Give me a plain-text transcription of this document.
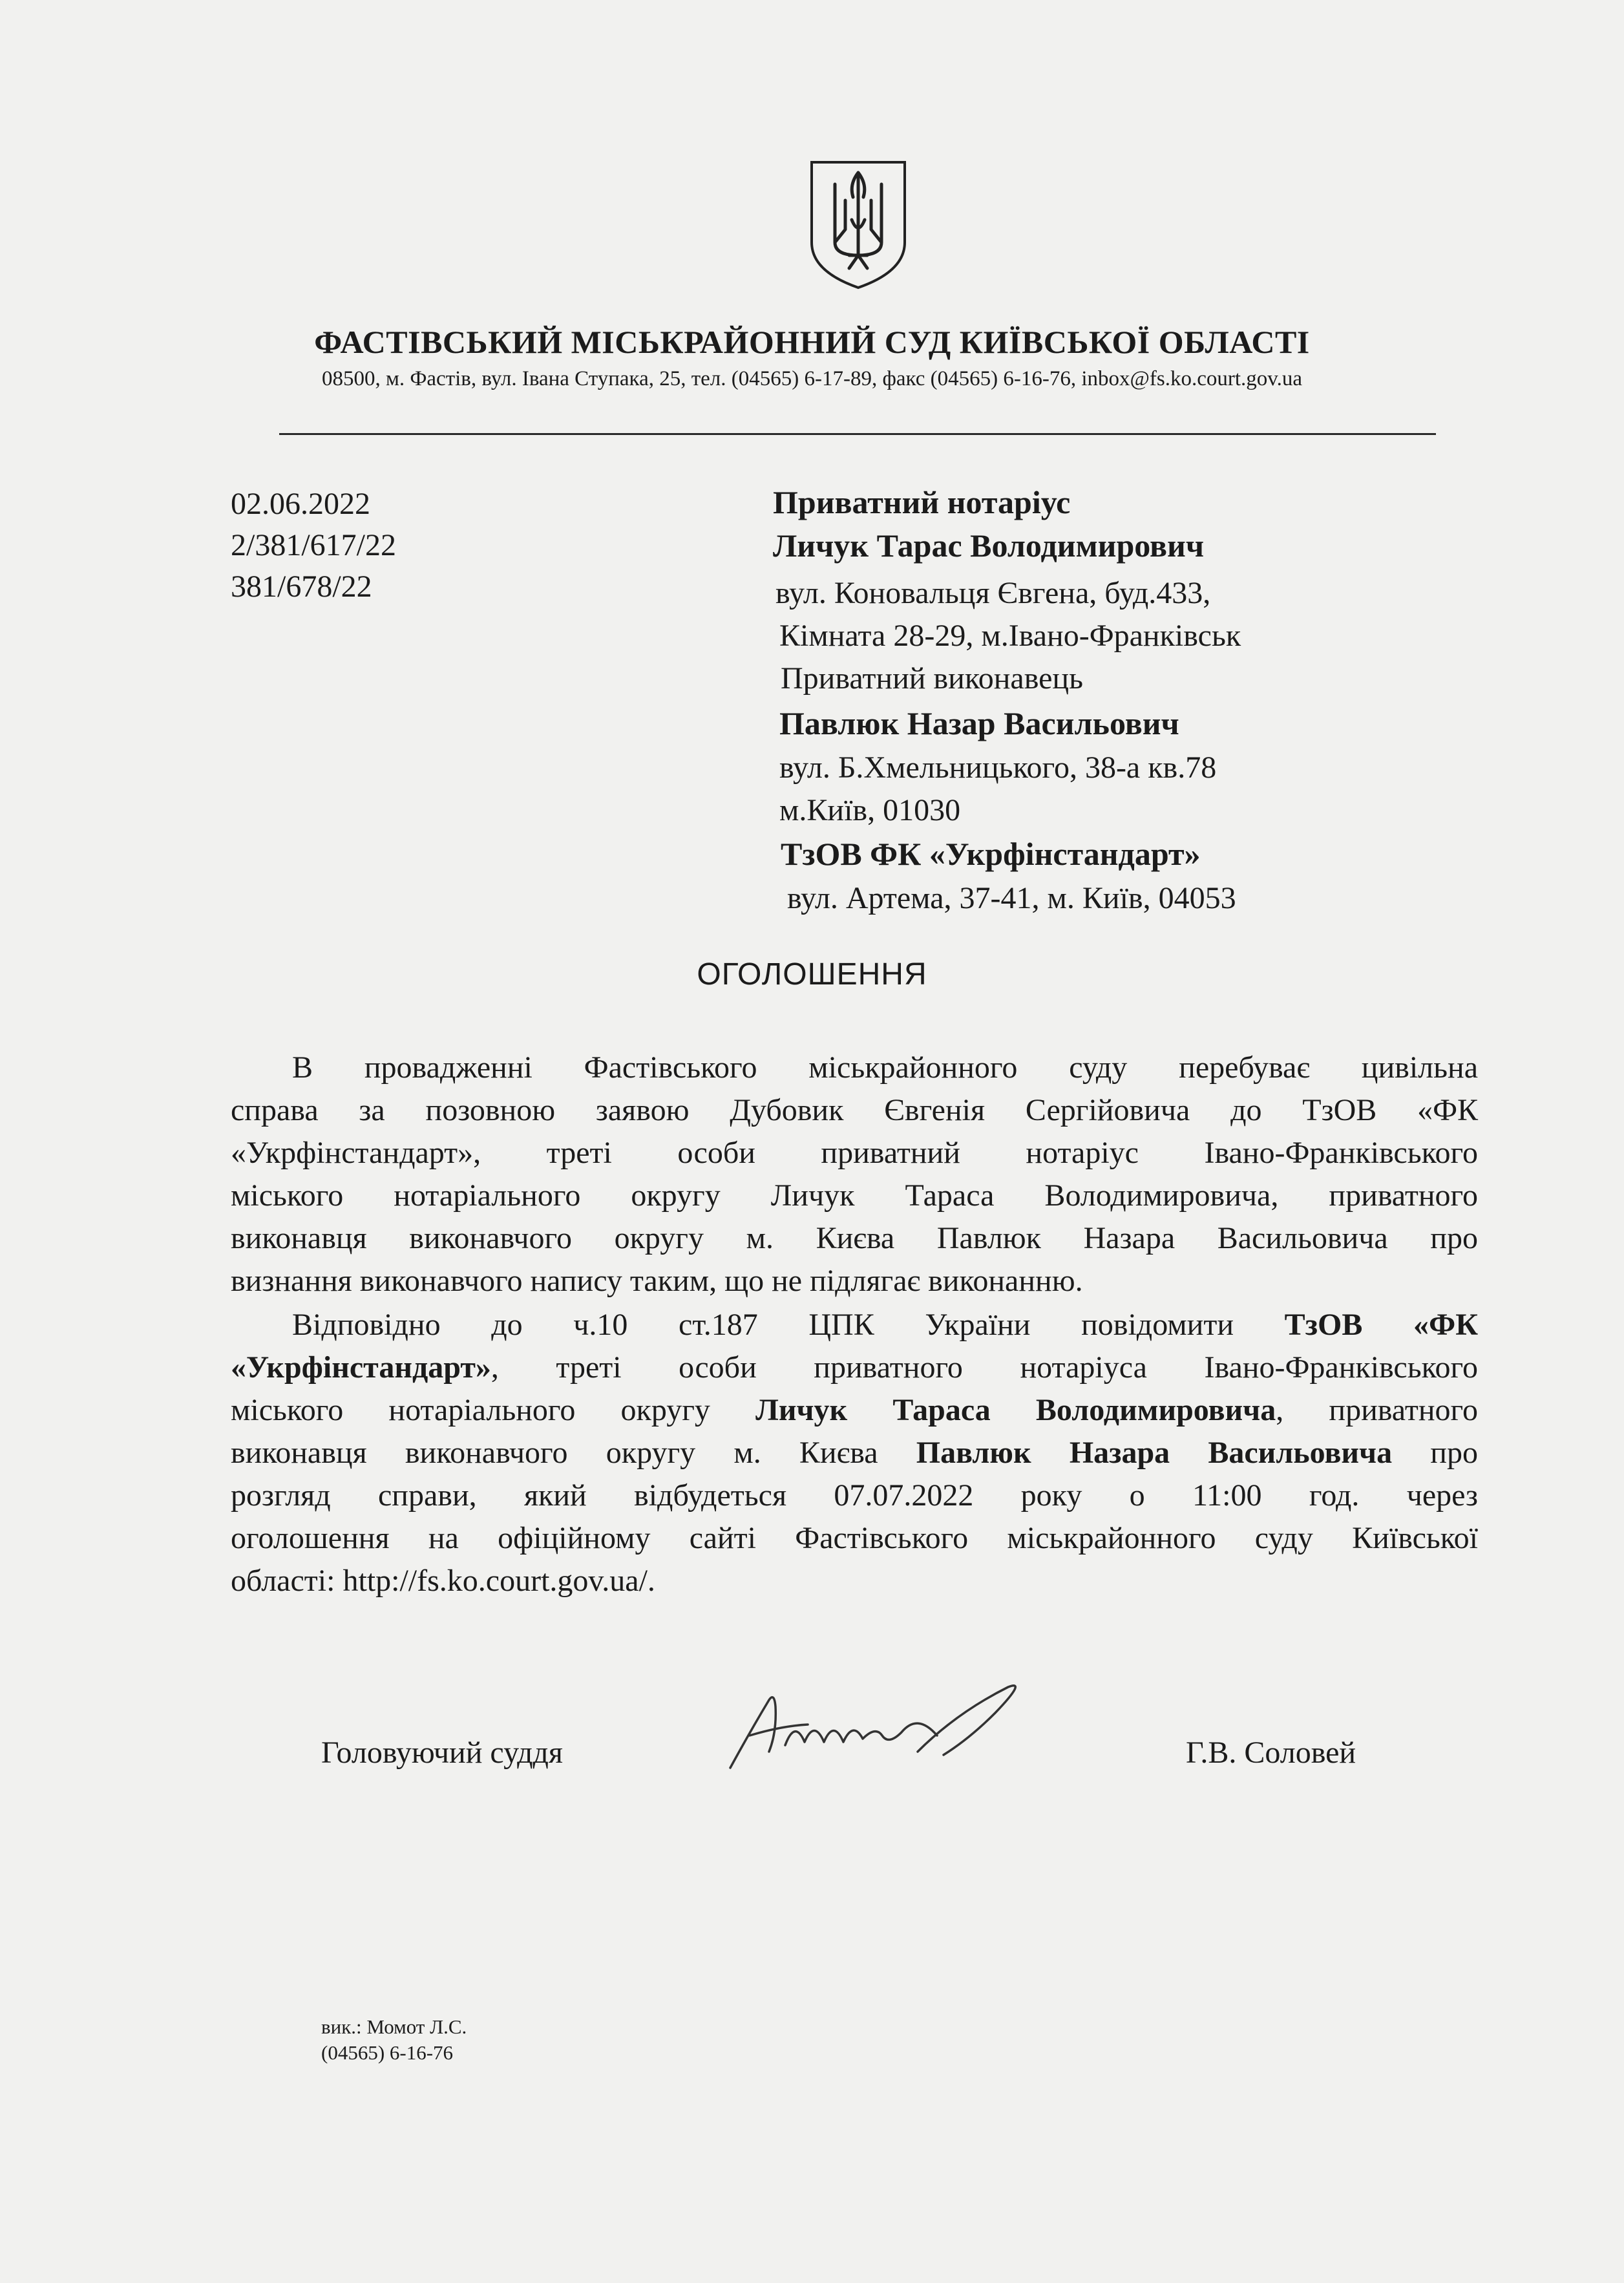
ФАСТІВСЬКИЙ МІСЬКРАЙОННИЙ СУД КИЇВСЬКОЇ ОБЛАСТІ
08500, м. Фастів, вул. Івана Ступака, 25, тел. (04565) 6-17-89, факс (04565) 6-16-76, inbox@fs.ko.court.gov.ua
02.06.2022
2/381/617/22
381/678/22
Приватний нотаріус
Личук Тарас Володимирович
вул. Коновальця Євгена, буд.433,
Кімната 28-29, м.Івано-Франківськ
Приватний виконавець
Павлюк Назар Васильович
вул. Б.Хмельницького, 38-а кв.78
м.Київ, 01030
ТзОВ ФК «Укрфінстандарт»
вул. Артема, 37-41, м. Київ, 04053
ОГОЛОШЕННЯ
В провадженні Фастівського міськрайонного суду перебуває цивільна
справа за позовною заявою Дубовик Євгенія Сергійовича до ТзОВ «ФК
«Укрфінстандарт», треті особи приватний нотаріус Івано-Франківського
міського нотаріального округу Личук Тараса Володимировича, приватного
виконавця виконавчого округу м. Києва Павлюк Назара Васильовича про
визнання виконавчого напису таким, що не підлягає виконанню.
Відповідно до ч.10 ст.187 ЦПК України повідомити ТзОВ «ФК
«Укрфінстандарт», треті особи приватного нотаріуса Івано-Франківського
міського нотаріального округу Личук Тараса Володимировича, приватного
виконавця виконавчого округу м. Києва Павлюк Назара Васильовича про
розгляд справи, який відбудеться 07.07.2022 року о 11:00 год. через
оголошення на офіційному сайті Фастівського міськрайонного суду Київської
області: http://fs.ko.court.gov.ua/.
Головуючий суддя	Г.В. Соловей
вик.: Момот Л.С.
(04565) 6-16-76
